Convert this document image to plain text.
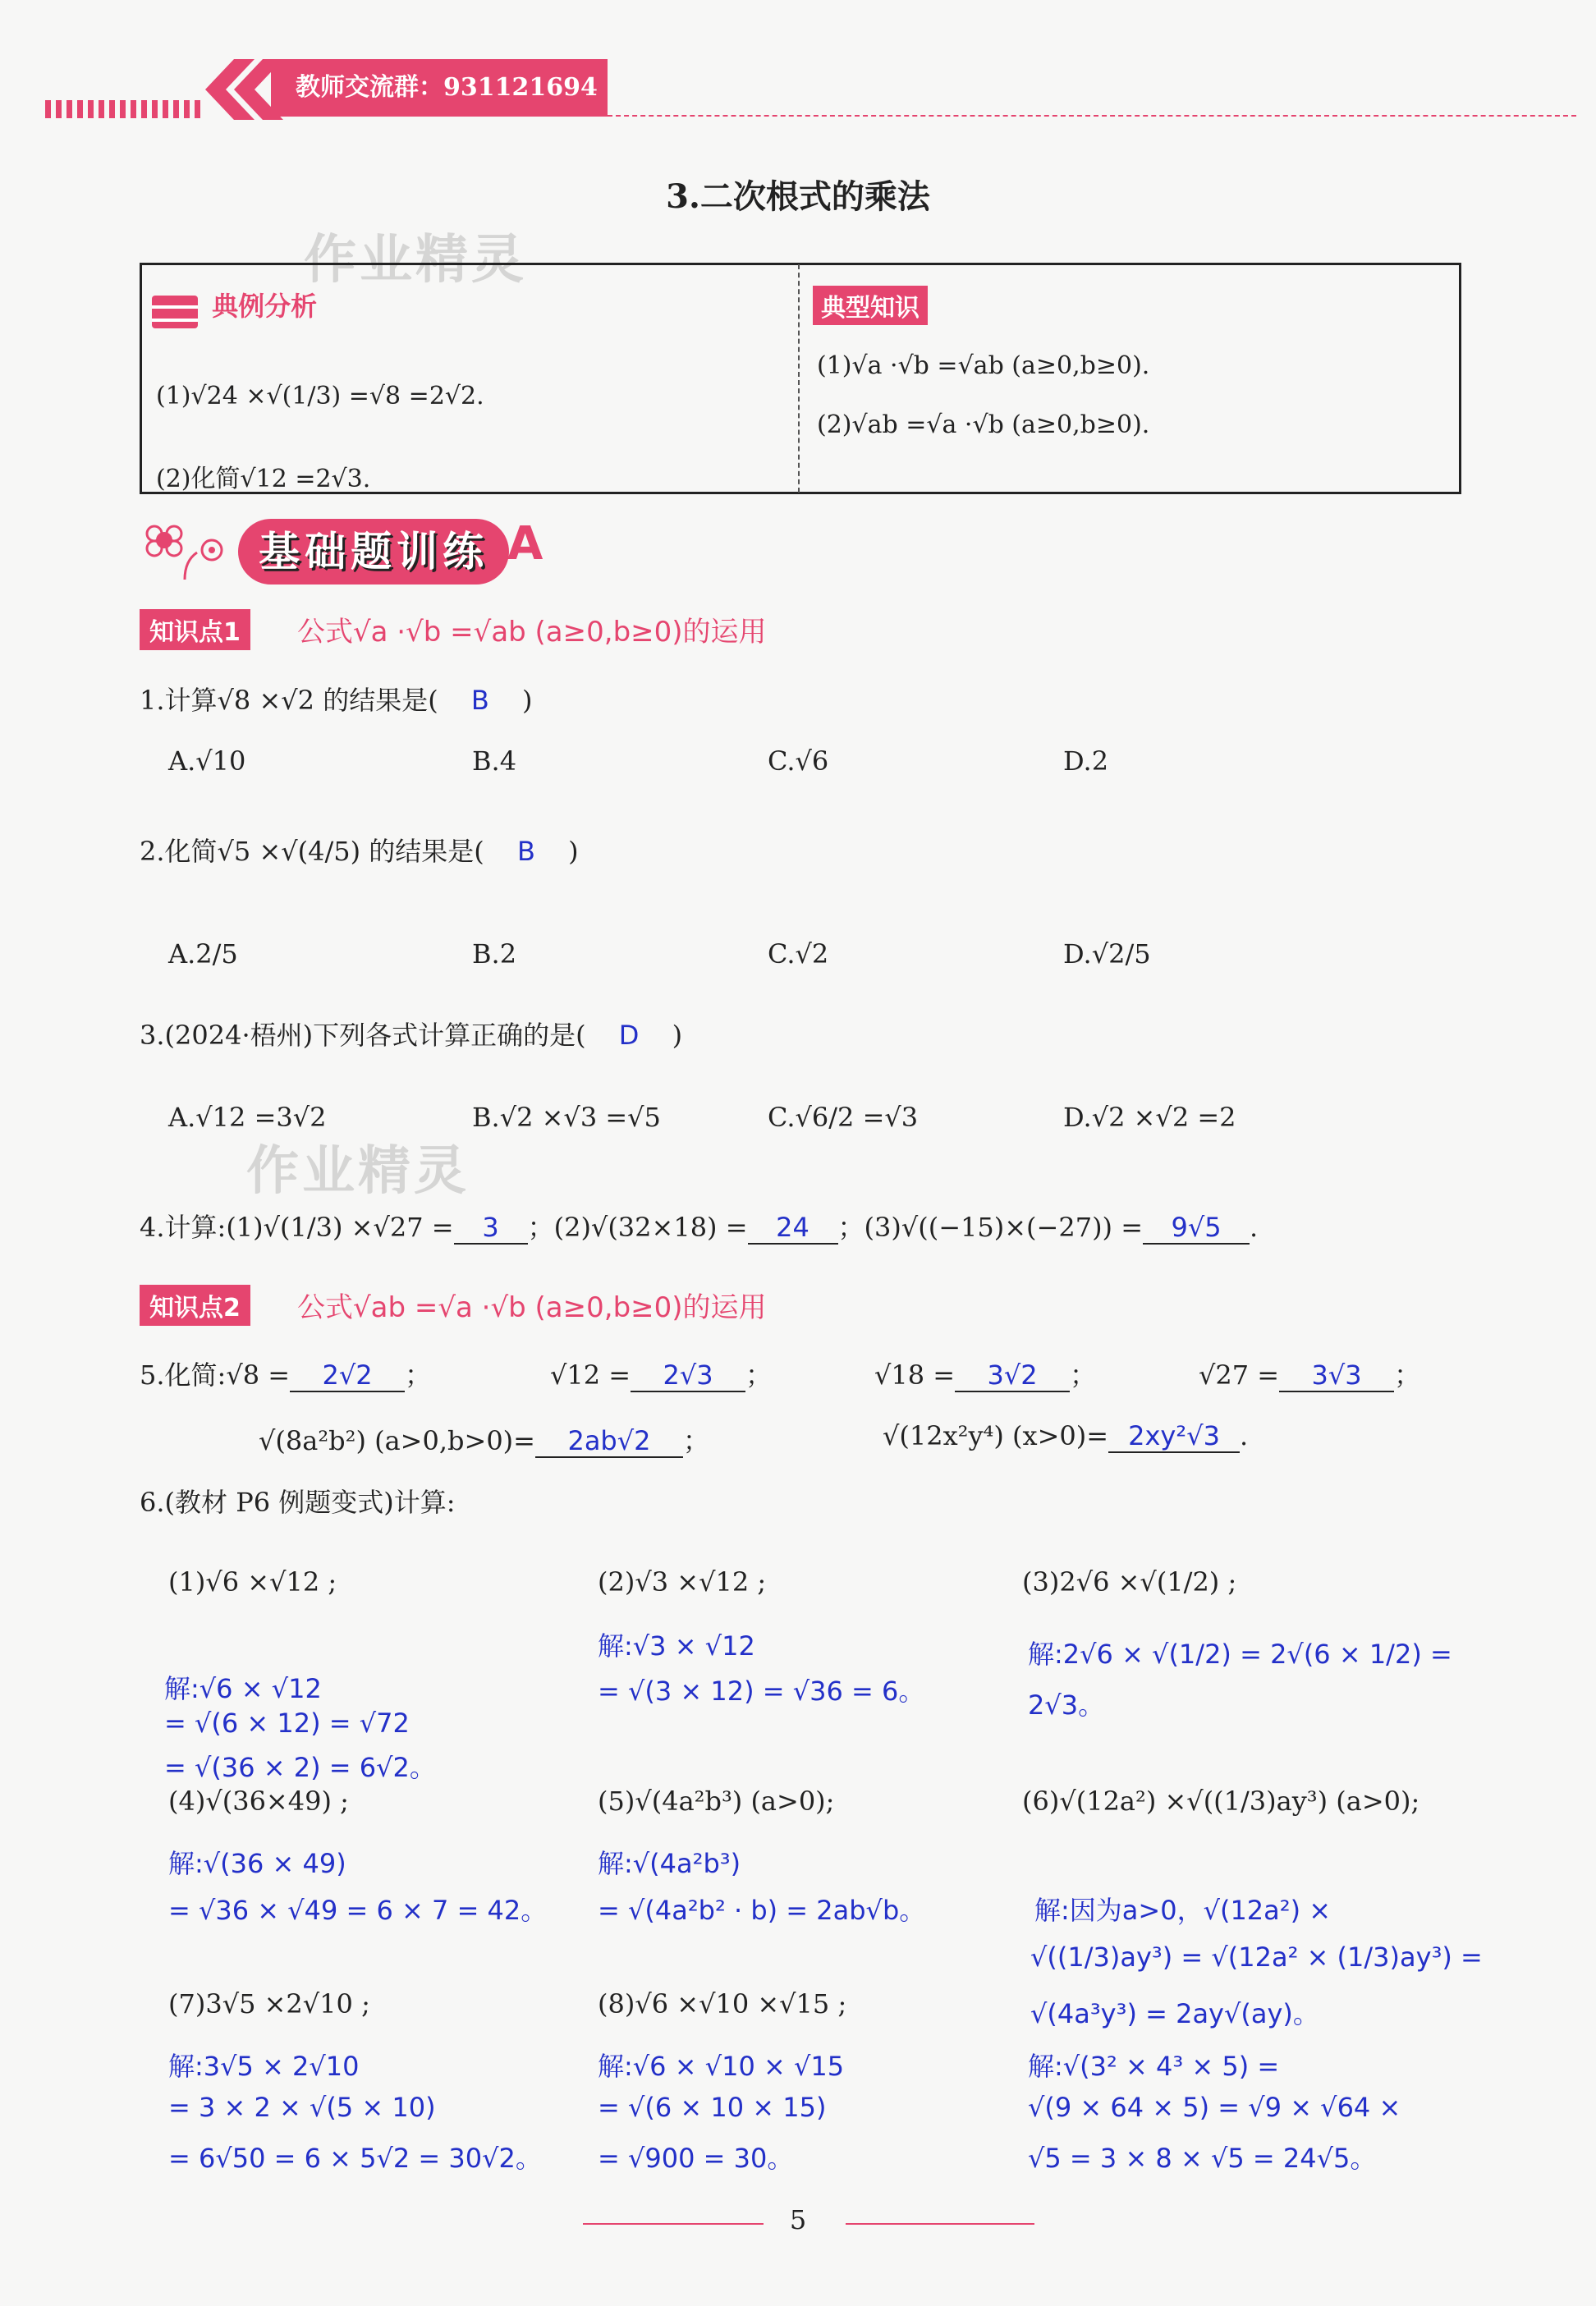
教师交流群：931121694
3.二次根式的乘法
作业精灵
典例分析
(1)√24 ×√(1/3) =√8 =2√2.
(2)化简√12 =2√3.
典型知识
(1)√a ·√b =√ab (a≥0,b≥0).
(2)√ab =√a ·√b (a≥0,b≥0).
基础题训练 A
知识点1	公式√a ·√b =√ab (a≥0,b≥0)的运用
1.计算√8 ×√2 的结果是( B )
A.√10	B.4	C.√6	D.2
2.化简√5 ×√(4/5) 的结果是( B )
A.2/5	B.2	C.√2	D.√2/5
3.(2024·梧州)下列各式计算正确的是( D )
A.√12 =3√2	B.√2 ×√3 =√5	C.√6/2 =√3	D.√2 ×√2 =2
作业精灵
4.计算:(1)√(1/3) ×√27 = 3 ；(2)√(32×18) = 24 ；(3)√((−15)×(−27)) = 9√5 .
知识点2	公式√ab =√a ·√b (a≥0,b≥0)的运用
5.化简:√8 = 2√2 ；	√12 = 2√3 ；	√18 = 3√2 ；	√27 = 3√3 ；
√(8a²b²) (a>0,b>0)= 2ab√2 ；	√(12x²y⁴) (x>0)= 2xy²√3 .
6.(教材 P6 例题变式)计算:
(1)√6 ×√12 ;
解:√6 × √12
= √(6 × 12) = √72
= √(36 × 2) = 6√2。
(2)√3 ×√12 ;
解:√3 × √12
= √(3 × 12) = √36 = 6。
(3)2√6 ×√(1/2) ;
解:2√6 × √(1/2) = 2√(6 × 1/2) =
2√3。
(4)√(36×49) ;
解:√(36 × 49)
= √36 × √49 = 6 × 7 = 42。
(5)√(4a²b³) (a>0);
解:√(4a²b³)
= √(4a²b² · b) = 2ab√b。
(6)√(12a²) ×√((1/3)ay³) (a>0);
解:因为a>0，√(12a²) ×
√((1/3)ay³) = √(12a² × (1/3)ay³) =
√(4a³y³) = 2ay√(ay)。
(7)3√5 ×2√10 ;
解:3√5 × 2√10
= 3 × 2 × √(5 × 10)
= 6√50 = 6 × 5√2 = 30√2。
(8)√6 ×√10 ×√15 ;
解:√6 × √10 × √15
= √(6 × 10 × 15)
= √900 = 30。
解:√(3² × 4³ × 5) =
√(9 × 64 × 5) = √9 × √64 ×
√5 = 3 × 8 × √5 = 24√5。
5
